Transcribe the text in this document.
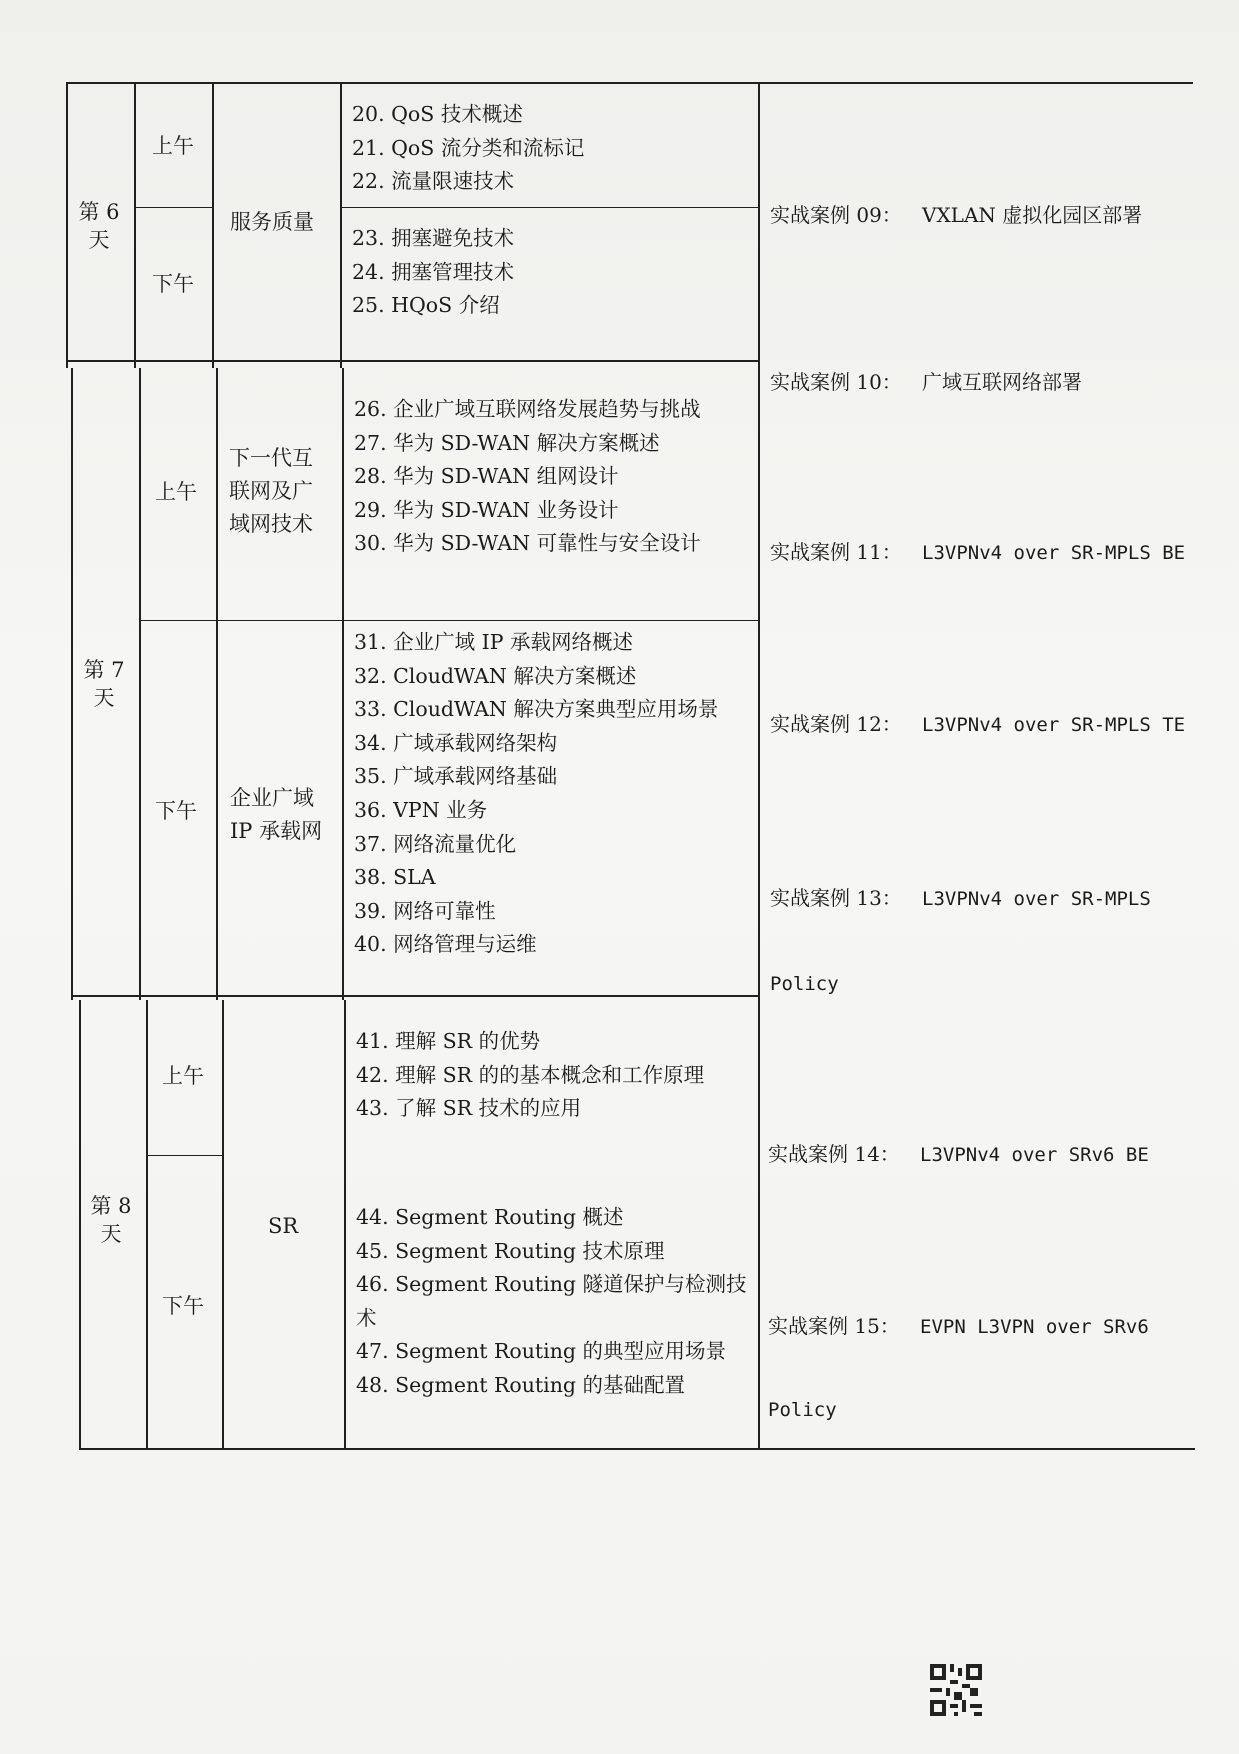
第 6
天
上午
下午
服务质量
20. QoS 技术概述
21. QoS 流分类和流标记
22. 流量限速技术
23. 拥塞避免技术
24. 拥塞管理技术
25. HQoS 介绍
第 7
天
上午
下午
下一代互
联网及广
域网技术
企业广域
IP 承载网
26. 企业广域互联网络发展趋势与挑战
27. 华为 SD-WAN 解决方案概述
28. 华为 SD-WAN 组网设计
29. 华为 SD-WAN 业务设计
30. 华为 SD-WAN 可靠性与安全设计
31. 企业广域 IP 承载网络概述
32. CloudWAN 解决方案概述
33. CloudWAN 解决方案典型应用场景
34. 广域承载网络架构
35. 广域承载网络基础
36. VPN 业务
37. 网络流量优化
38. SLA
39. 网络可靠性
40. 网络管理与运维
第 8
天
上午
下午
SR
41. 理解 SR 的优势
42. 理解 SR 的的基本概念和工作原理
43. 了解 SR 技术的应用
44. Segment Routing 概述
45. Segment Routing 技术原理
46. Segment Routing 隧道保护与检测技
术
47. Segment Routing 的典型应用场景
48. Segment Routing 的基础配置
实战案例 09： VXLAN 虚拟化园区部署
实战案例 10： 广域互联网络部署
实战案例 11： L3VPNv4 over SR-MPLS BE
实战案例 12： L3VPNv4 over SR-MPLS TE
实战案例 13： L3VPNv4 over SR-MPLS
Policy
实战案例 14： L3VPNv4 over SRv6 BE
实战案例 15： EVPN L3VPN over SRv6
Policy
